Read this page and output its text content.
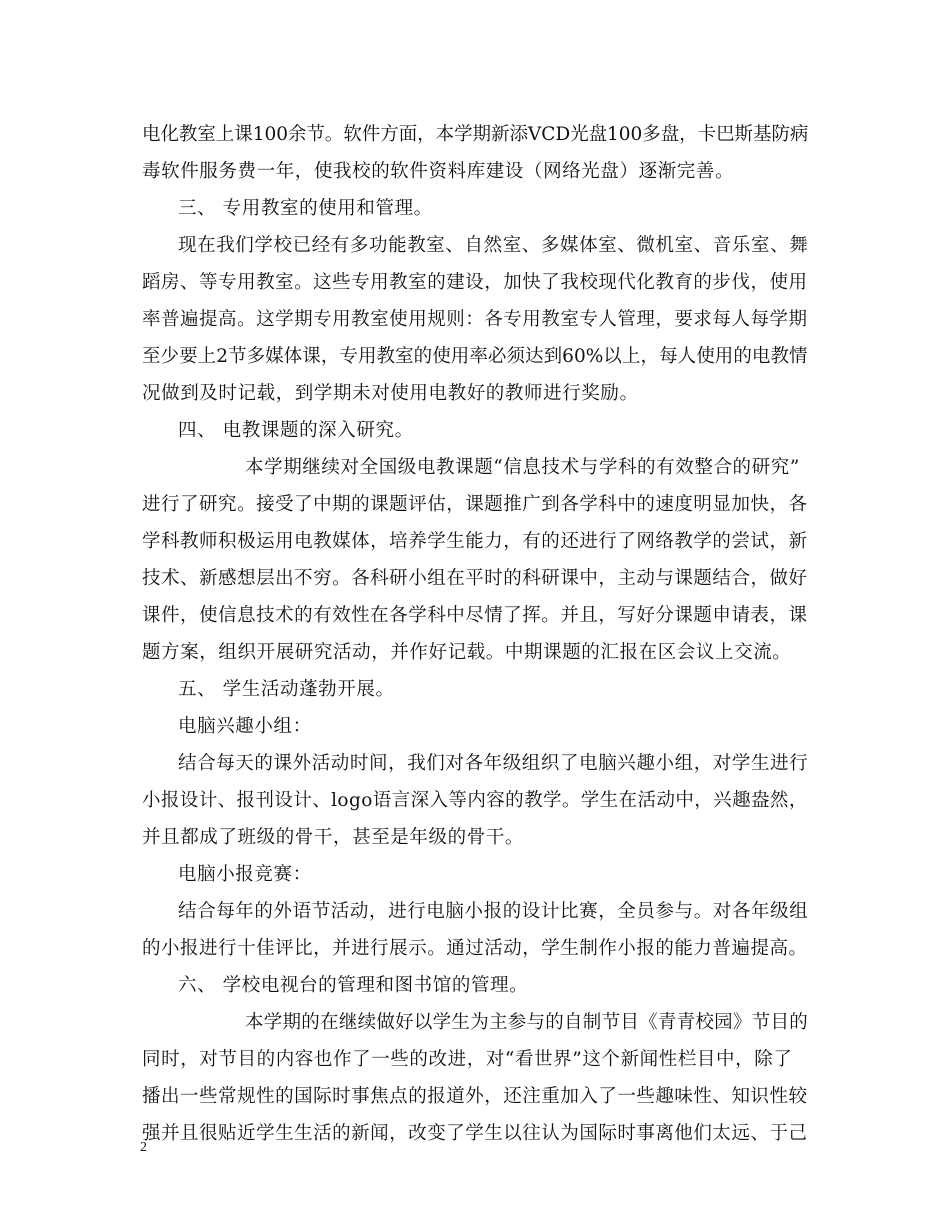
电化教室上课100余节。软件方面，本学期新添VCD光盘100多盘，卡巴斯基防病
毒软件服务费一年，使我校的软件资料库建设（网络光盘）逐渐完善。
三、 专用教室的使用和管理。
现在我们学校已经有多功能教室、自然室、多媒体室、微机室、音乐室、舞
蹈房、等专用教室。这些专用教室的建设，加快了我校现代化教育的步伐，使用
率普遍提高。这学期专用教室使用规则：各专用教室专人管理，要求每人每学期
至少要上2节多媒体课，专用教室的使用率必须达到60%以上，每人使用的电教情
况做到及时记载，到学期未对使用电教好的教师进行奖励。
四、 电教课题的深入研究。
本学期继续对全国级电教课题“信息技术与学科的有效整合的研究”
进行了研究。接受了中期的课题评估，课题推广到各学科中的速度明显加快，各
学科教师积极运用电教媒体，培养学生能力，有的还进行了网络教学的尝试，新
技术、新感想层出不穷。各科研小组在平时的科研课中，主动与课题结合，做好
课件，使信息技术的有效性在各学科中尽情了挥。并且，写好分课题申请表，课
题方案，组织开展研究活动，并作好记载。中期课题的汇报在区会议上交流。
五、 学生活动蓬勃开展。
电脑兴趣小组：
结合每天的课外活动时间，我们对各年级组织了电脑兴趣小组，对学生进行
小报设计、报刊设计、logo语言深入等内容的教学。学生在活动中，兴趣盎然，
并且都成了班级的骨干，甚至是年级的骨干。
电脑小报竞赛：
结合每年的外语节活动，进行电脑小报的设计比赛，全员参与。对各年级组
的小报进行十佳评比，并进行展示。通过活动，学生制作小报的能力普遍提高。
六、 学校电视台的管理和图书馆的管理。
本学期的在继续做好以学生为主参与的自制节目《青青校园》节目的
同时，对节目的内容也作了一些的改进，对“看世界”这个新闻性栏目中，除了
播出一些常规性的国际时事焦点的报道外，还注重加入了一些趣味性、知识性较
强并且很贴近学生生活的新闻，改变了学生以往认为国际时事离他们太远、于己
2
